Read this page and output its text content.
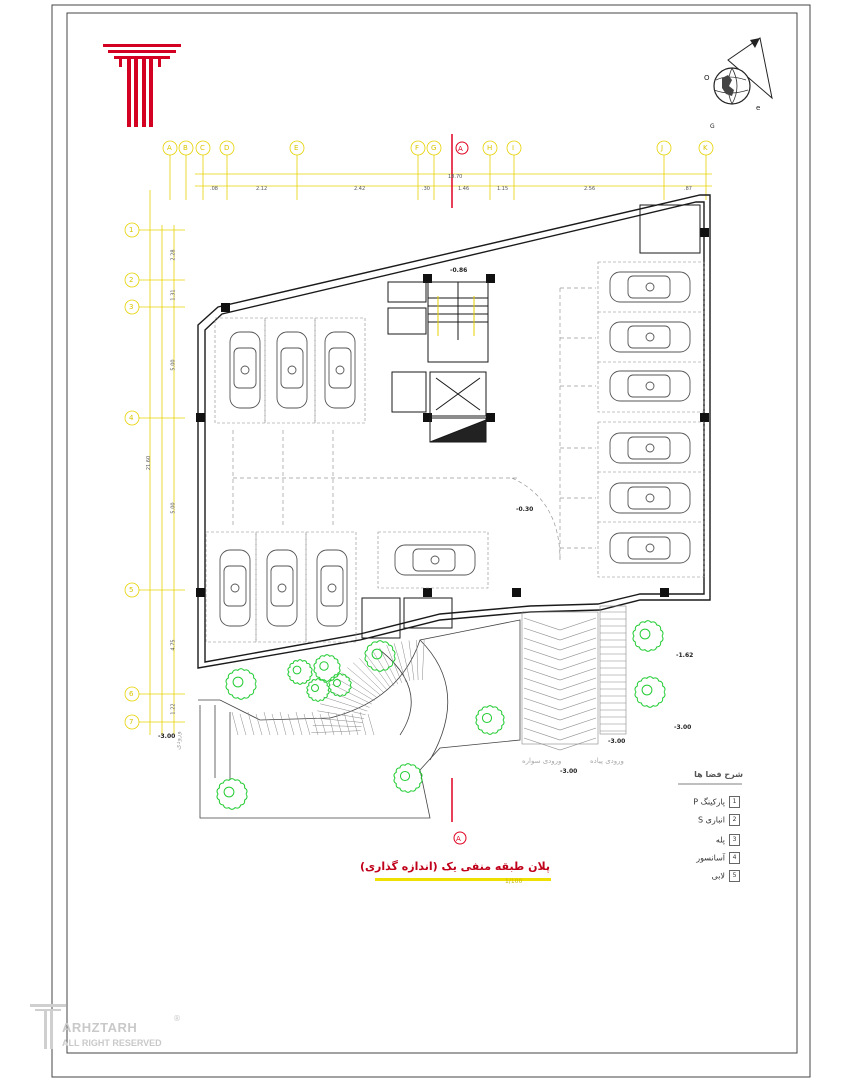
O
e
G
A
A
پلان طبقه منفی یک (اندازه گذاری)
1/100
شرح فضا ها
1پارکینگ P
2انباری S
3پله
4آسانسور
5لابی
ورودی سواره	ورودی پیاده
ورودی
-0.86
-0.30
-3.00
-3.00
-1.62
-3.00
-3.00
A B C	D	E	F G	H	I	J	K
1
2
3
4
5
6
7
.08	2.12	2.42	.30	1.46	1.15	2.56	.87
18.70
2.28
1.31
5.00
5.00
4.75
1.22
21.60
ARHZTARH
ALL RIGHT RESERVED
®
